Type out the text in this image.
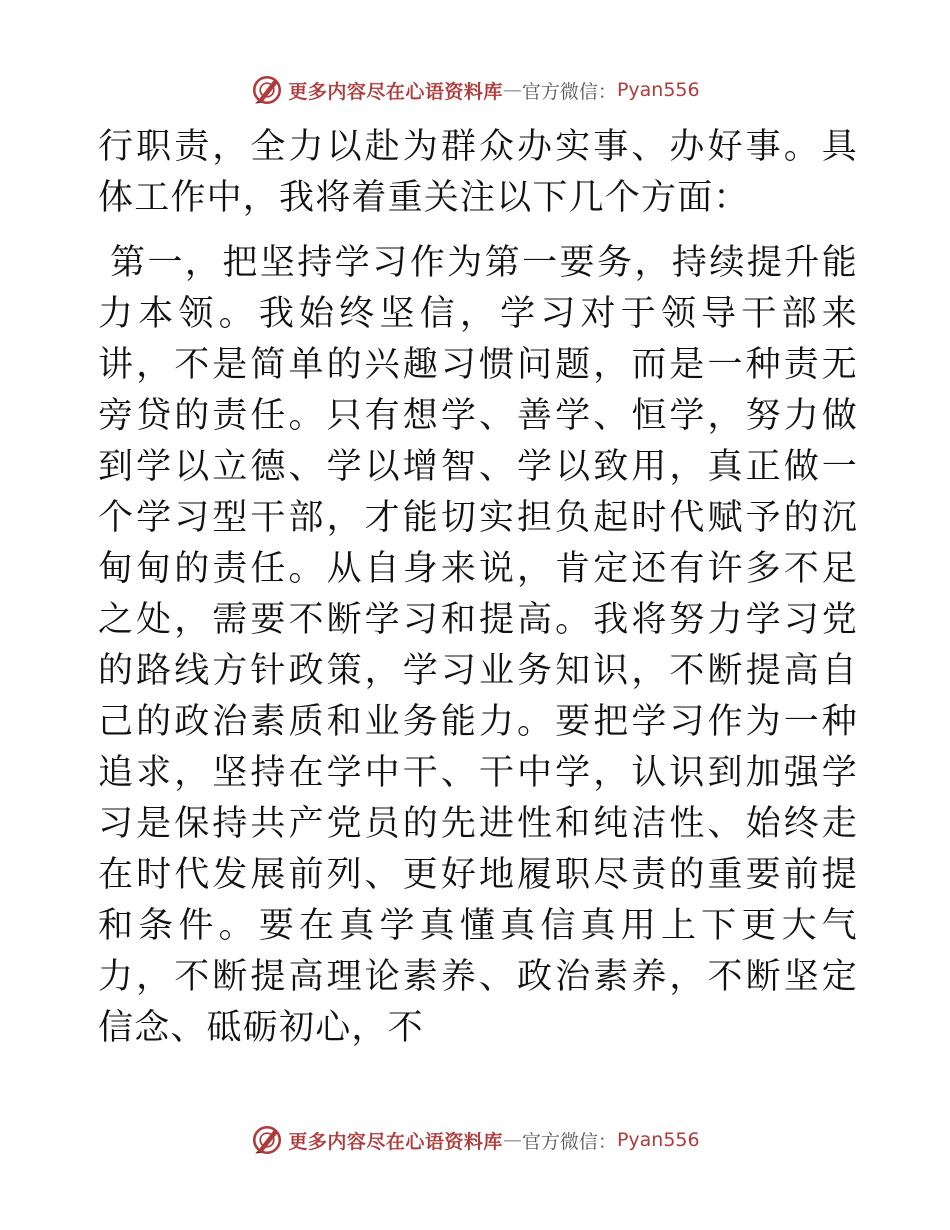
更多内容尽在心语资料库 — 官方微信： Pyan556

行职责，全力以赴为群众办实事、办好事。具体工作中，我将着重关注以下几个方面：

第一，把坚持学习作为第一要务，持续提升能力本领。我始终坚信，学习对于领导干部来讲，不是简单的兴趣习惯问题，而是一种责无旁贷的责任。只有想学、善学、恒学，努力做到学以立德、学以增智、学以致用，真正做一个学习型干部，才能切实担负起时代赋予的沉甸甸的责任。从自身来说，肯定还有许多不足之处，需要不断学习和提高。我将努力学习党的路线方针政策，学习业务知识，不断提高自己的政治素质和业务能力。要把学习作为一种追求，坚持在学中干、干中学，认识到加强学习是保持共产党员的先进性和纯洁性、始终走在时代发展前列、更好地履职尽责的重要前提和条件。要在真学真懂真信真用上下更大气力，不断提高理论素养、政治素养，不断坚定信念、砥砺初心，不

更多内容尽在心语资料库 — 官方微信： Pyan556
